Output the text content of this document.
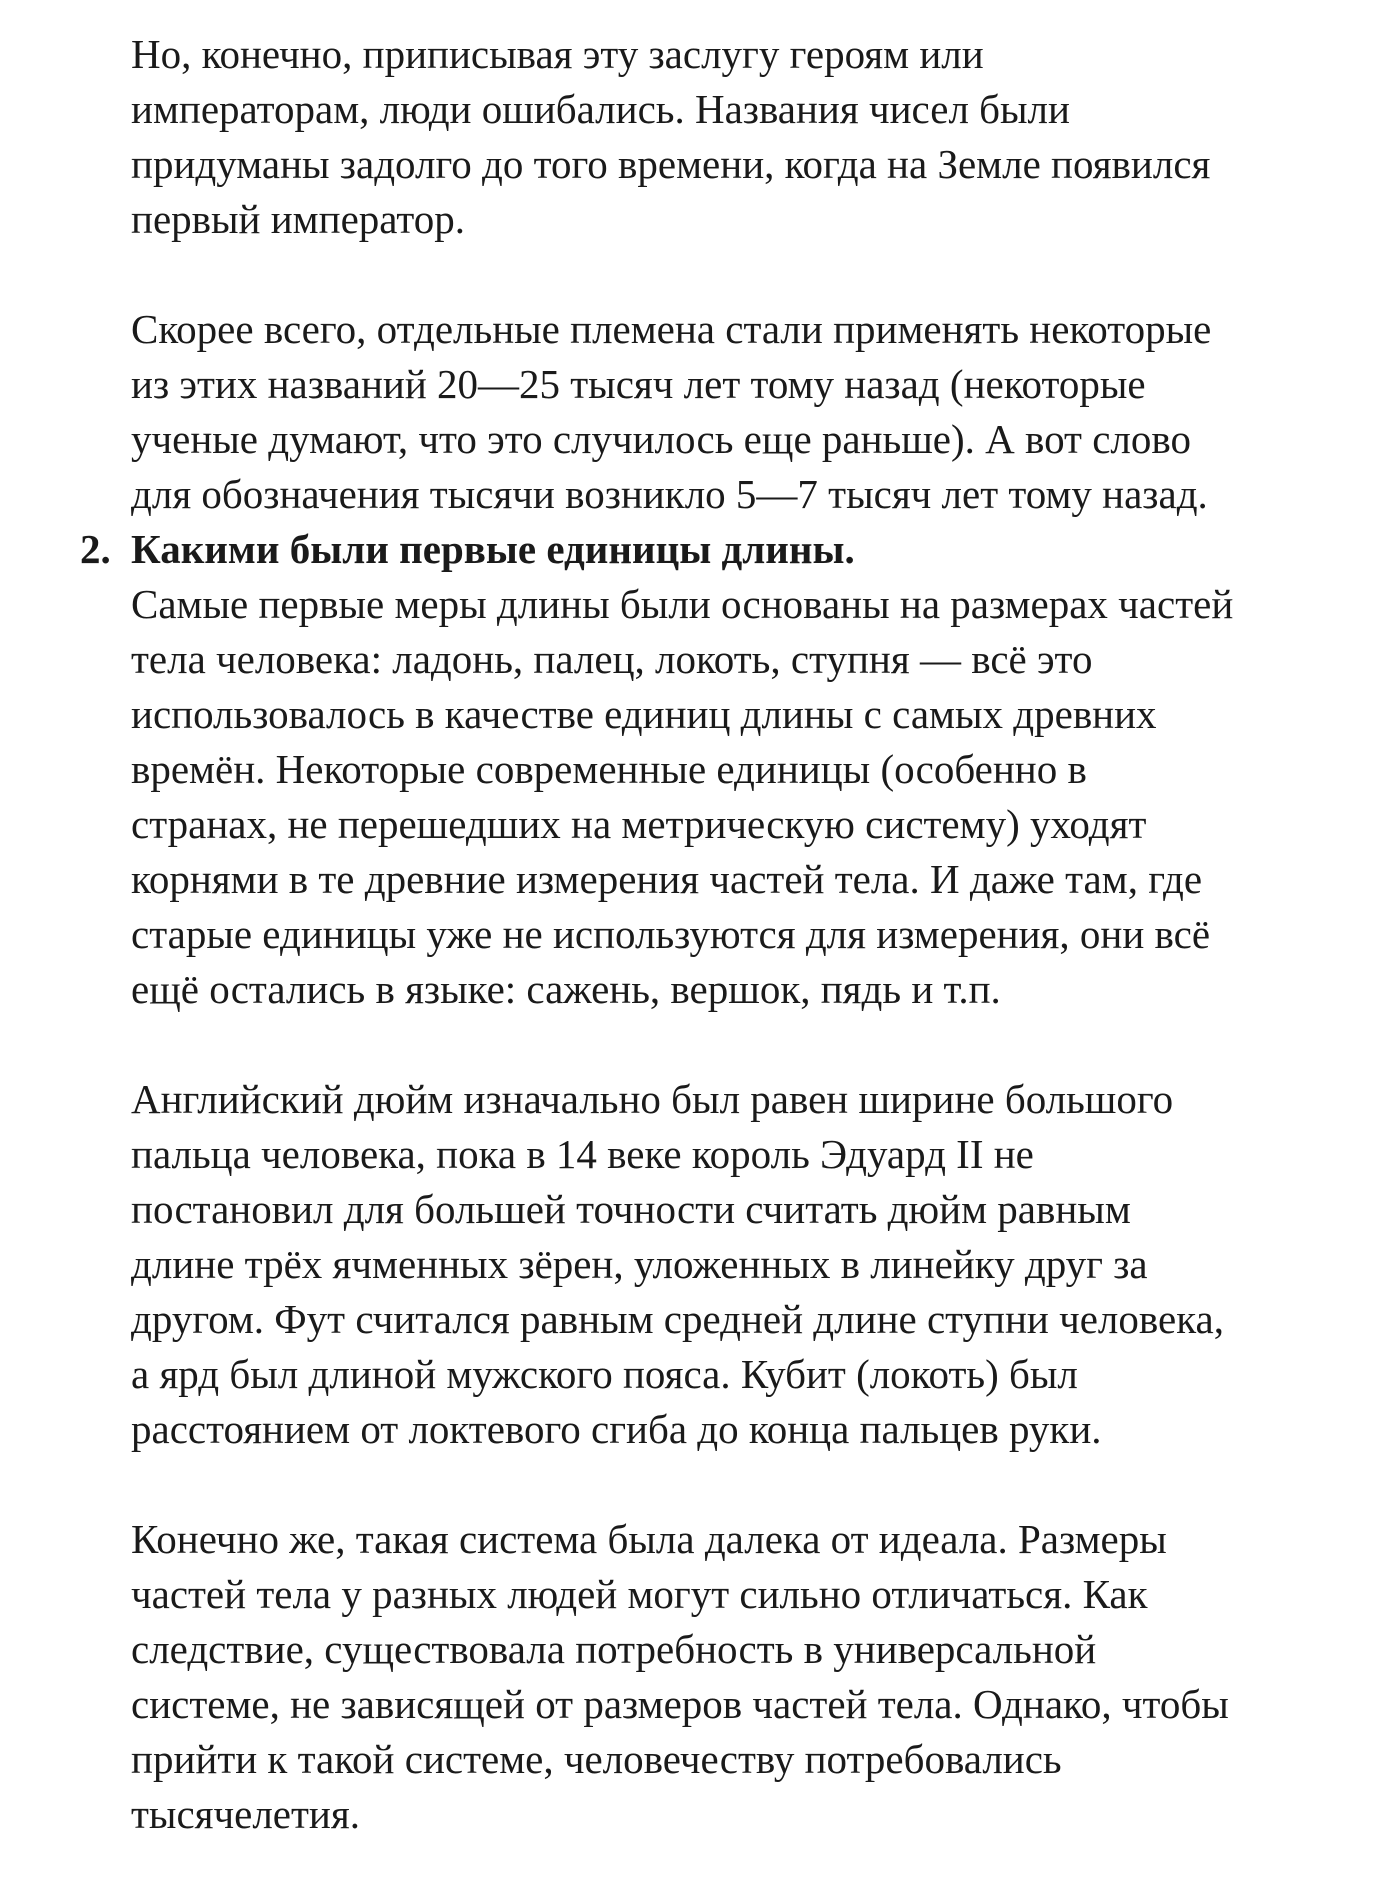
Но, конечно, приписывая эту заслугу героям или
императорам, люди ошибались. Названия чисел были
придуманы задолго до того времени, когда на Земле появился
первый император.
Скорее всего, отдельные племена стали применять некоторые
из этих названий 20—25 тысяч лет тому назад (некоторые
ученые думают, что это случилось еще раньше). А вот слово
для обозначения тысячи возникло 5—7 тысяч лет тому назад.
2. Какими были первые единицы длины.
Самые первые меры длины были основаны на размерах частей
тела человека: ладонь, палец, локоть, ступня — всё это
использовалось в качестве единиц длины с самых древних
времён. Некоторые современные единицы (особенно в
странах, не перешедших на метрическую систему) уходят
корнями в те древние измерения частей тела. И даже там, где
старые единицы уже не используются для измерения, они всё
ещё остались в языке: сажень, вершок, пядь и т.п.
Английский дюйм изначально был равен ширине большого
пальца человека, пока в 14 веке король Эдуард II не
постановил для большей точности считать дюйм равным
длине трёх ячменных зёрен, уложенных в линейку друг за
другом. Фут считался равным средней длине ступни человека,
а ярд был длиной мужского пояса. Кубит (локоть) был
расстоянием от локтевого сгиба до конца пальцев руки.
Конечно же, такая система была далека от идеала. Размеры
частей тела у разных людей могут сильно отличаться. Как
следствие, существовала потребность в универсальной
системе, не зависящей от размеров частей тела. Однако, чтобы
прийти к такой системе, человечеству потребовались
тысячелетия.
